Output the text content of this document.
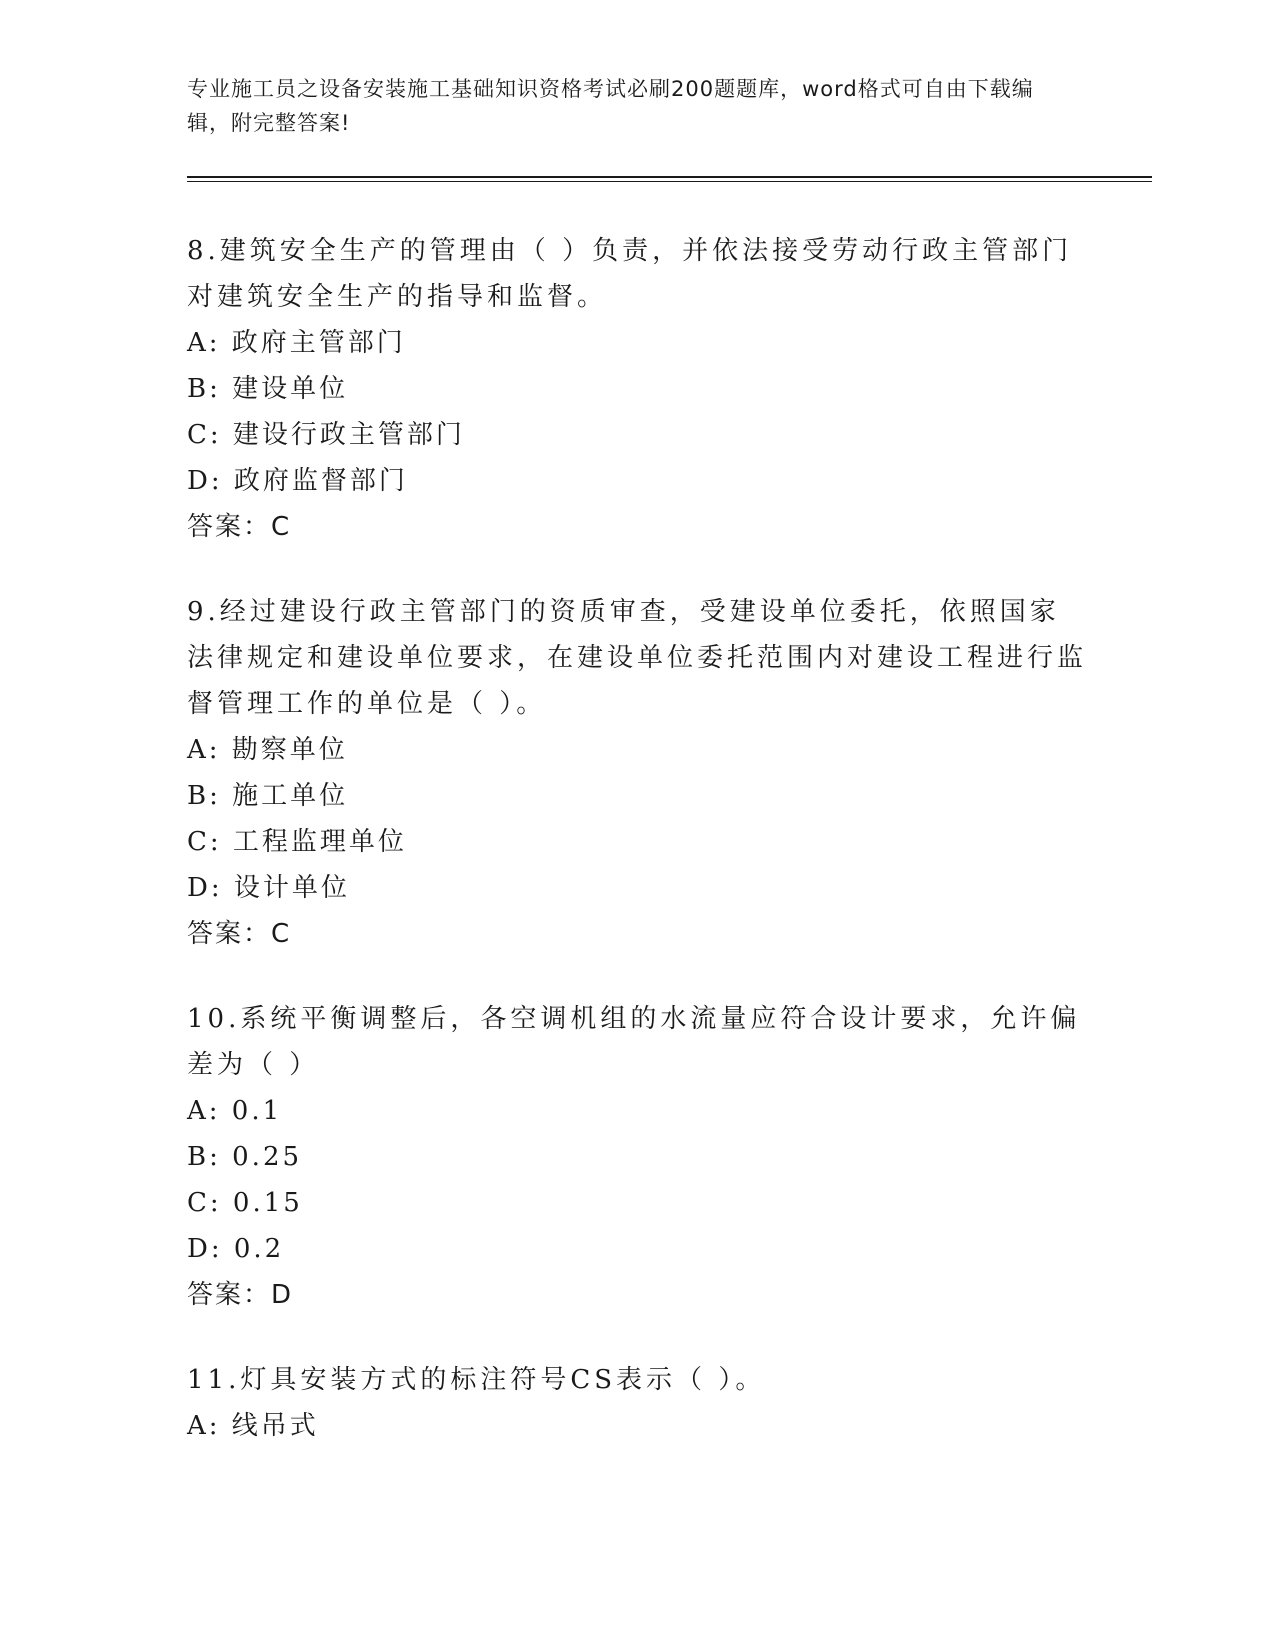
专业施工员之设备安装施工基础知识资格考试必刷200题题库，word格式可自由下载编辑，附完整答案!

8.建筑安全生产的管理由（ ）负责，并依法接受劳动行政主管部门对建筑安全生产的指导和监督。

A: 政府主管部门

B: 建设单位

C: 建设行政主管部门

D: 政府监督部门

答案：C

9.经过建设行政主管部门的资质审查，受建设单位委托，依照国家法律规定和建设单位要求，在建设单位委托范围内对建设工程进行监督管理工作的单位是（ ）。

A: 勘察单位

B: 施工单位

C: 工程监理单位

D: 设计单位

答案：C

10.系统平衡调整后，各空调机组的水流量应符合设计要求，允许偏差为（ ）

A: 0.1

B: 0.25

C: 0.15

D: 0.2

答案：D

11.灯具安装方式的标注符号CS表示（ ）。

A: 线吊式
